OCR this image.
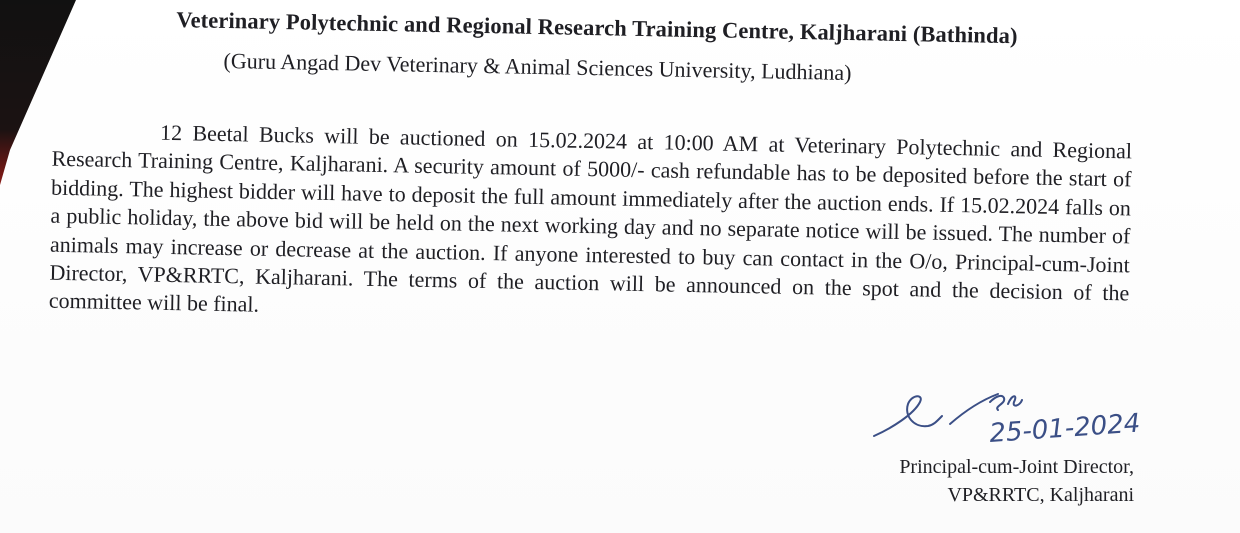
Veterinary Polytechnic and Regional Research Training Centre, Kaljharani (Bathinda)
(Guru Angad Dev Veterinary & Animal Sciences University, Ludhiana)

12 Beetal Bucks will be auctioned on 15.02.2024 at 10:00 AM at Veterinary Polytechnic and Regional Research Training Centre, Kaljharani. A security amount of 5000/- cash refundable has to be deposited before the start of bidding. The highest bidder will have to deposit the full amount immediately after the auction ends. If 15.02.2024 falls on a public holiday, the above bid will be held on the next working day and no separate notice will be issued. The number of animals may increase or decrease at the auction. If anyone interested to buy can contact in the O/o, Principal-cum-Joint Director, VP&RRTC, Kaljharani. The terms of the auction will be announced on the spot and the decision of the committee will be final.

25-01-2024
Principal-cum-Joint Director,
VP&RRTC, Kaljharani
